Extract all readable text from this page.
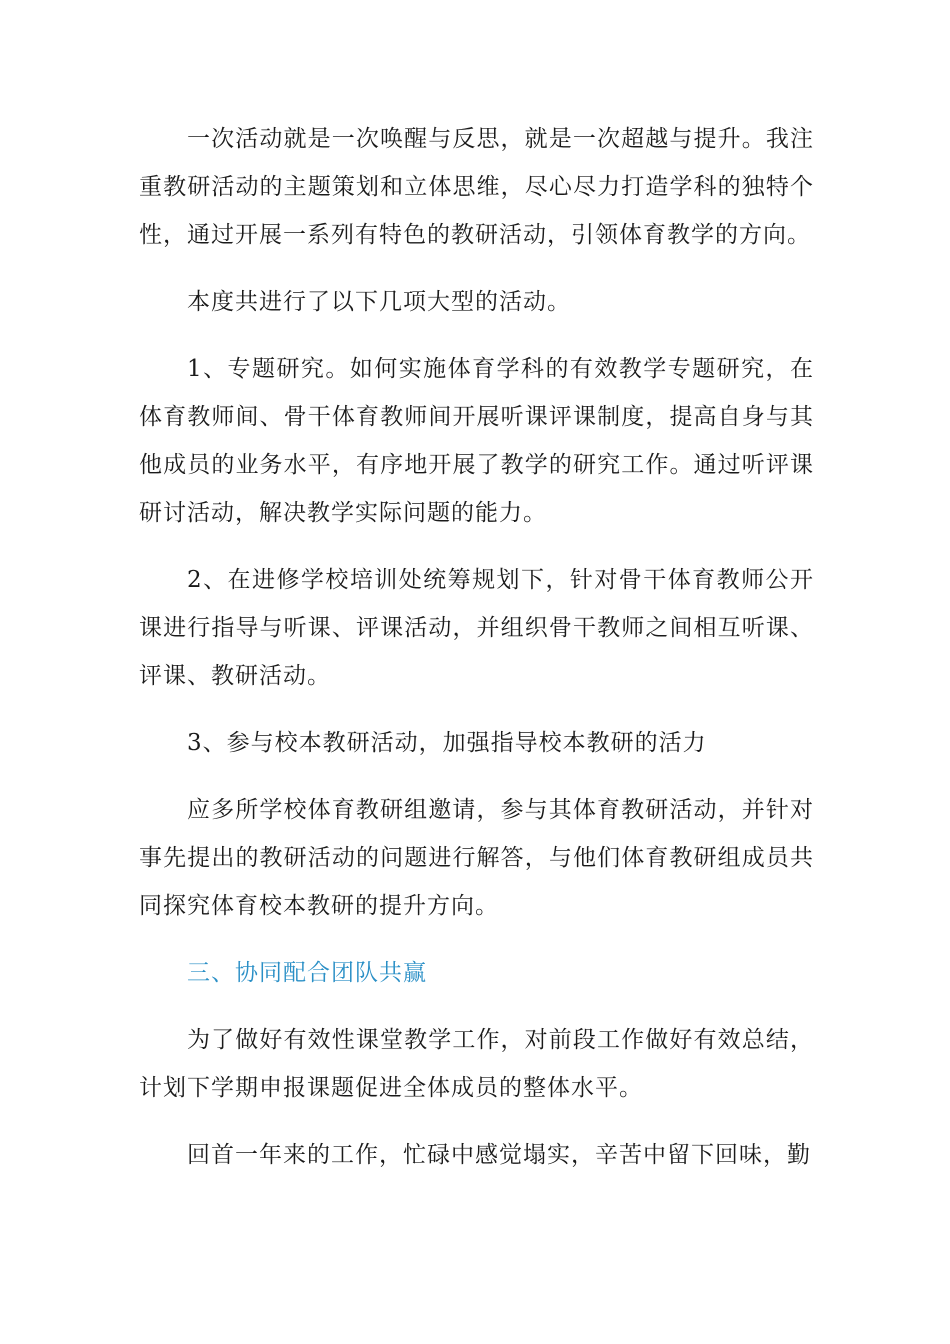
一次活动就是一次唤醒与反思，就是一次超越与提升。我注重教研活动的主题策划和立体思维，尽心尽力打造学科的独特个性，通过开展一系列有特色的教研活动，引领体育教学的方向。

本度共进行了以下几项大型的活动。

1、专题研究。如何实施体育学科的有效教学专题研究，在体育教师间、骨干体育教师间开展听课评课制度，提高自身与其他成员的业务水平，有序地开展了教学的研究工作。通过听评课研讨活动，解决教学实际问题的能力。

2、在进修学校培训处统筹规划下，针对骨干体育教师公开课进行指导与听课、评课活动，并组织骨干教师之间相互听课、评课、教研活动。

3、参与校本教研活动，加强指导校本教研的活力

应多所学校体育教研组邀请，参与其体育教研活动，并针对事先提出的教研活动的问题进行解答，与他们体育教研组成员共同探究体育校本教研的提升方向。

三、协同配合团队共赢

为了做好有效性课堂教学工作，对前段工作做好有效总结，计划下学期申报课题促进全体成员的整体水平。

回首一年来的工作，忙碌中感觉塌实，辛苦中留下回味，勤
